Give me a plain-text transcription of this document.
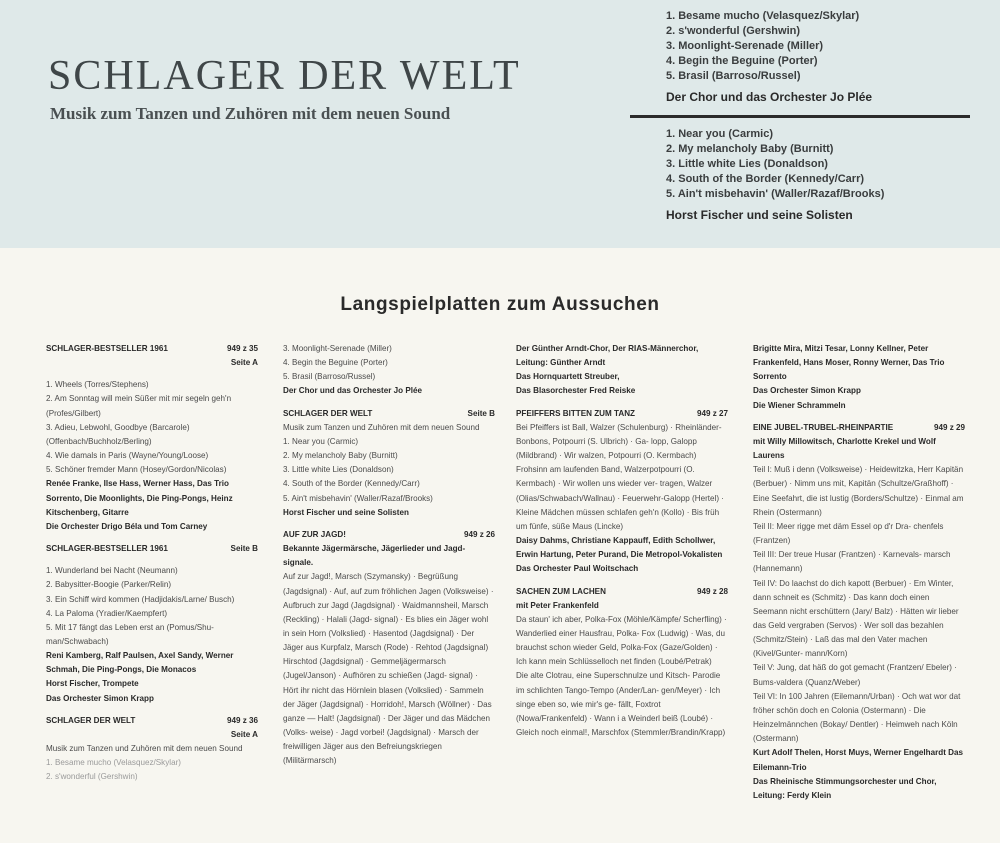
SCHLAGER DER WELT
Musik zum Tanzen und Zuhören mit dem neuen Sound
1. Besame mucho (Velasquez/Skylar)
2. s'wonderful (Gershwin)
3. Moonlight-Serenade (Miller)
4. Begin the Beguine (Porter)
5. Brasil (Barroso/Russel)
Der Chor und das Orchester Jo Plée
1. Near you (Carmic)
2. My melancholy Baby (Burnitt)
3. Little white Lies (Donaldson)
4. South of the Border (Kennedy/Carr)
5. Ain't misbehavin' (Waller/Razaf/Brooks)
Horst Fischer und seine Solisten
Langspielplatten zum Aussuchen
SCHLAGER-BESTSELLER 1961	949 z 35
Seite A
1. Wheels (Torres/Stephens)
2. Am Sonntag will mein Süßer mit mir segeln geh'n (Profes/Gilbert)
3. Adieu, Lebwohl, Goodbye (Barcarole) (Offenbach/Buchholz/Berling)
4. Wie damals in Paris (Wayne/Young/Loose)
5. Schöner fremder Mann (Hosey/Gordon/Nicolas)
Renée Franke, Ilse Hass, Werner Hass, Das Trio Sorrento, Die Moonlights, Die Ping-Pongs, Heinz Kitschenberg, Gitarre
Die Orchester Drigo Béla und Tom Carney
SCHLAGER-BESTSELLER 1961	Seite B
1. Wunderland bei Nacht (Neumann)
2. Babysitter-Boogie (Parker/Relin)
3. Ein Schiff wird kommen (Hadjidakis/Larne/ Busch)
4. La Paloma (Yradier/Kaempfert)
5. Mit 17 fängt das Leben erst an (Pomus/Shu- man/Schwabach)
Reni Kamberg, Ralf Paulsen, Axel Sandy, Werner Schmah, Die Ping-Pongs, Die Monacos
Horst Fischer, Trompete
Das Orchester Simon Krapp
SCHLAGER DER WELT	949 z 36
Seite A
Musik zum Tanzen und Zuhören mit dem neuen Sound
1. Besame mucho (Velasquez/Skylar)
2. s'wonderful (Gershwin)
3. Moonlight-Serenade (Miller)
4. Begin the Beguine (Porter)
5. Brasil (Barroso/Russel)
Der Chor und das Orchester Jo Plée
SCHLAGER DER WELT	Seite B
Musik zum Tanzen und Zuhören mit dem neuen Sound
1. Near you (Carmic)
2. My melancholy Baby (Burnitt)
3. Little white Lies (Donaldson)
4. South of the Border (Kennedy/Carr)
5. Ain't misbehavin' (Waller/Razaf/Brooks)
Horst Fischer und seine Solisten
AUF ZUR JAGD!	949 z 26
Bekannte Jägermärsche, Jägerlieder und Jagd- signale.
Auf zur Jagd!, Marsch (Szymansky) · Begrüßung (Jagdsignal) · Auf, auf zum fröhlichen Jagen (Volksweise) · Aufbruch zur Jagd (Jagdsignal) · Waidmannsheil, Marsch (Reckling) · Halali (Jagd- signal) · Es blies ein Jäger wohl in sein Horn (Volkslied) · Hasentod (Jagdsignal) · Der Jäger aus Kurpfalz, Marsch (Rode) · Rehtod (Jagdsignal) Hirschtod (Jagdsignal) · Gemmeljägermarsch (Jugel/Janson) · Aufhören zu schießen (Jagd- signal) · Hört ihr nicht das Hörnlein blasen (Volkslied) · Sammeln der Jäger (Jagdsignal) · Horridoh!, Marsch (Wöllner) · Das ganze — Halt! (Jagdsignal) · Der Jäger und das Mädchen (Volks- weise) · Jagd vorbei! (Jagdsignal) · Marsch der freiwilligen Jäger aus den Befreiungskriegen (Militärmarsch)
Der Günther Arndt-Chor, Der RIAS-Männerchor, Leitung: Günther Arndt
Das Hornquartett Streuber,
Das Blasorchester Fred Reiske
PFEIFFERS BITTEN ZUM TANZ	949 z 27
Bei Pfeiffers ist Ball, Walzer (Schulenburg) · Rheinländer-Bonbons, Potpourri (S. Ulbrich) · Ga- lopp, Galopp (Mildbrand) · Wir walzen, Potpourri (O. Kermbach)
Frohsinn am laufenden Band, Walzerpotpourri (O. Kermbach) · Wir wollen uns wieder ver- tragen, Walzer (Olias/Schwabach/Wallnau) · Feuerwehr-Galopp (Hertel) · Kleine Mädchen müssen schlafen geh'n (Kollo) · Bis früh um fünfe, süße Maus (Lincke)
Daisy Dahms, Christiane Kappauff, Edith Schollwer, Erwin Hartung, Peter Purand, Die Metropol-Vokalisten
Das Orchester Paul Woitschach
SACHEN ZUM LACHEN	949 z 28
mit Peter Frankenfeld
Da staun' ich aber, Polka-Fox (Möhle/Kämpfe/ Scherfling) · Wanderlied einer Hausfrau, Polka- Fox (Ludwig) · Was, du brauchst schon wieder Geld, Polka-Fox (Gaze/Golden) · Ich kann mein Schlüsselloch net finden (Loubé/Petrak)
Die alte Clotrau, eine Superschnulze und Kitsch- Parodie im schlichten Tango-Tempo (Ander/Lan- gen/Meyer) · Ich singe eben so, wie mir's ge- fällt, Foxtrot (Nowa/Frankenfeld) · Wann i a Weinderl beiß (Loubé) · Gleich noch einmal!, Marschfox (Stemmler/Brandin/Krapp)
Brigitte Mira, Mitzi Tesar, Lonny Kellner, Peter Frankenfeld, Hans Moser, Ronny Werner, Das Trio Sorrento
Das Orchester Simon Krapp
Die Wiener Schrammeln
EINE JUBEL-TRUBEL-RHEINPARTIE	949 z 29
mit Willy Millowitsch, Charlotte Krekel und Wolf Laurens
Teil I: Muß i denn (Volksweise) · Heidewitzka, Herr Kapitän (Berbuer) · Nimm uns mit, Kapitän (Schultze/Graßhoff) · Eine Seefahrt, die ist lustig (Borders/Schultze) · Einmal am Rhein (Ostermann)
Teil II: Meer rigge met däm Essel op d'r Dra- chenfels (Frantzen)
Teil III: Der treue Husar (Frantzen) · Karnevals- marsch (Hannemann)
Teil IV: Do laachst do dich kapott (Berbuer) · Em Winter, dann schneit es (Schmitz) · Das kann doch einen Seemann nicht erschüttern (Jary/ Balz) · Hätten wir lieber das Geld vergraben (Servos) · Wer soll das bezahlen (Schmitz/Stein) · Laß das mal den Vater machen (Kivel/Gunter- mann/Korn)
Teil V: Jung, dat häß do got gemacht (Frantzen/ Ebeler) · Bums-valdera (Quanz/Weber)
Teil VI: In 100 Jahren (Eilemann/Urban) · Och wat wor dat fröher schön doch en Colonia (Ostermann) · Die Heinzelmännchen (Bokay/ Dentler) · Heimweh nach Köln (Ostermann)
Kurt Adolf Thelen, Horst Muys, Werner Engelhardt Das Eilemann-Trio
Das Rheinische Stimmungsorchester und Chor, Leitung: Ferdy Klein
